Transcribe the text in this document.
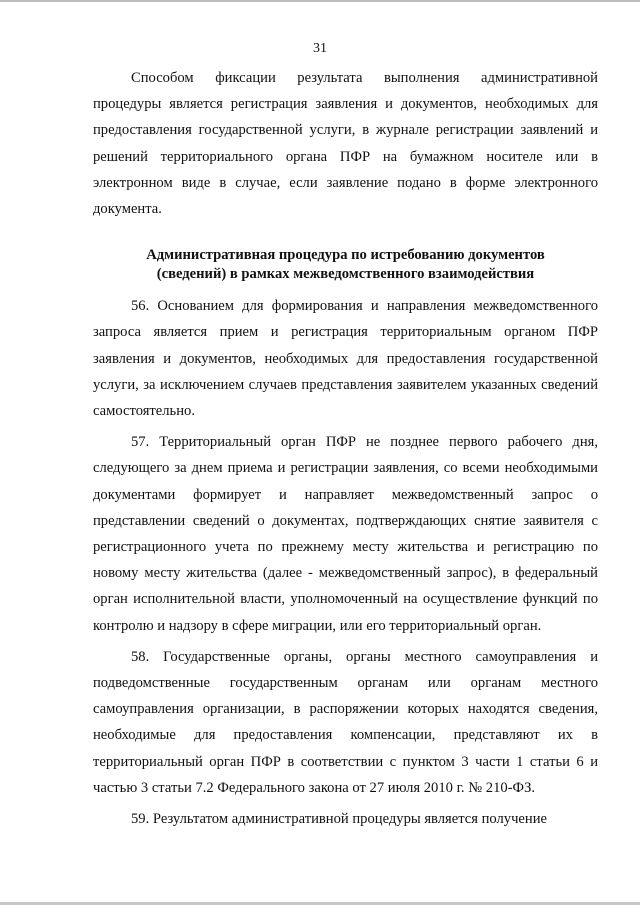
31

Способом фиксации результата выполнения административной процедуры является регистрация заявления и документов, необходимых для предоставления государственной услуги, в журнале регистрации заявлений и решений территориального органа ПФР на бумажном носителе или в электронном виде в случае, если заявление подано в форме электронного документа.

Административная процедура по истребованию документов
(сведений) в рамках межведомственного взаимодействия

56. Основанием для формирования и направления межведомственного запроса является прием и регистрация территориальным органом ПФР заявления и документов, необходимых для предоставления государственной услуги, за исключением случаев представления заявителем указанных сведений самостоятельно.

57. Территориальный орган ПФР не позднее первого рабочего дня, следующего за днем приема и регистрации заявления, со всеми необходимыми документами формирует и направляет межведомственный запрос о представлении сведений о документах, подтверждающих снятие заявителя с регистрационного учета по прежнему месту жительства и регистрацию по новому месту жительства (далее - межведомственный запрос), в федеральный орган исполнительной власти, уполномоченный на осуществление функций по контролю и надзору в сфере миграции, или его территориальный орган.

58. Государственные органы, органы местного самоуправления и подведомственные государственным органам или органам местного самоуправления организации, в распоряжении которых находятся сведения, необходимые для предоставления компенсации, представляют их в территориальный орган ПФР в соответствии с пунктом 3 части 1 статьи 6 и частью 3 статьи 7.2 Федерального закона от 27 июля 2010 г. № 210-ФЗ.

59. Результатом административной процедуры является получение
